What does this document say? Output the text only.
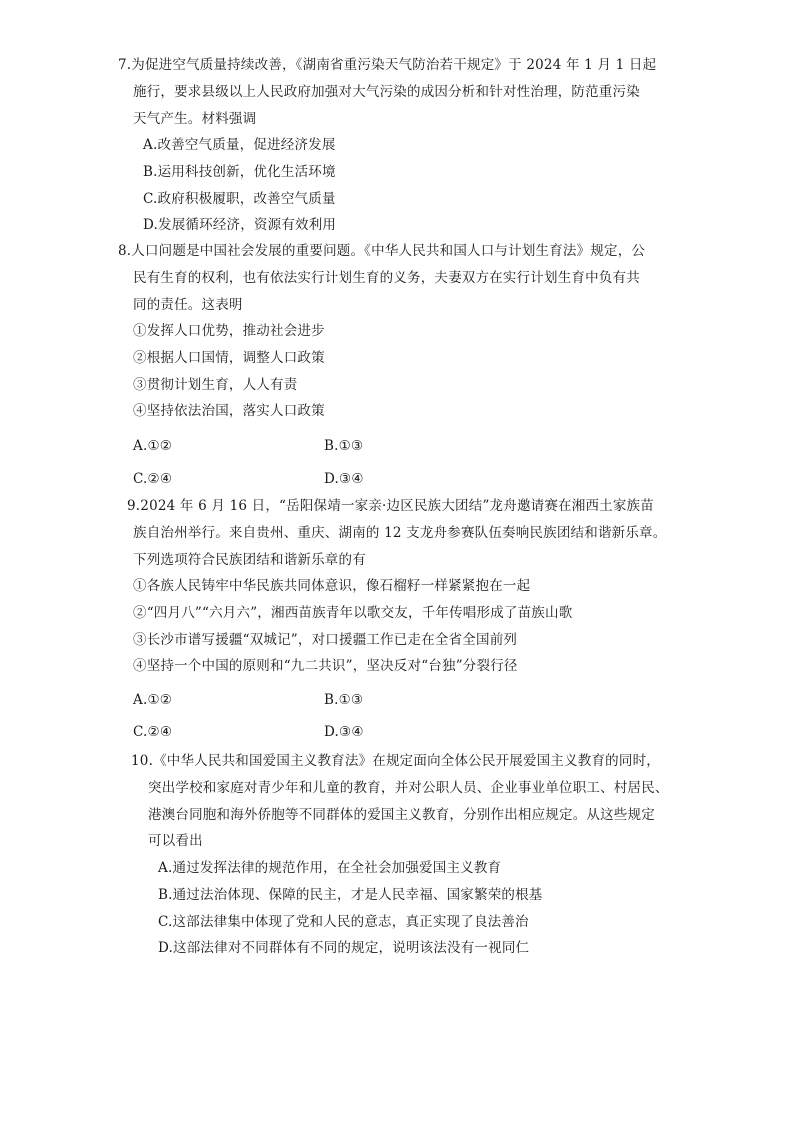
7.为促进空气质量持续改善，《湖南省重污染天气防治若干规定》于 2024 年 1 月 1 日起
施行，要求县级以上人民政府加强对大气污染的成因分析和针对性治理，防范重污染
天气产生。材料强调
A.改善空气质量，促进经济发展
B.运用科技创新，优化生活环境
C.政府积极履职，改善空气质量
D.发展循环经济，资源有效利用
8.人口问题是中国社会发展的重要问题。《中华人民共和国人口与计划生育法》规定，公
民有生育的权利，也有依法实行计划生育的义务，夫妻双方在实行计划生育中负有共
同的责任。这表明
①发挥人口优势，推动社会进步
②根据人口国情，调整人口政策
③贯彻计划生育，人人有责
④坚持依法治国，落实人口政策
A.①②	B.①③
C.②④	D.③④
9.2024 年 6 月 16 日，“岳阳保靖一家亲·边区民族大团结”龙舟邀请赛在湘西土家族苗
族自治州举行。来自贵州、重庆、湖南的 12 支龙舟参赛队伍奏响民族团结和谐新乐章。
下列选项符合民族团结和谐新乐章的有
①各族人民铸牢中华民族共同体意识，像石榴籽一样紧紧抱在一起
②“四月八”“六月六”，湘西苗族青年以歌交友，千年传唱形成了苗族山歌
③长沙市谱写援疆“双城记”，对口援疆工作已走在全省全国前列
④坚持一个中国的原则和“九二共识”，坚决反对“台独”分裂行径
A.①②	B.①③
C.②④	D.③④
10.《中华人民共和国爱国主义教育法》在规定面向全体公民开展爱国主义教育的同时，
突出学校和家庭对青少年和儿童的教育，并对公职人员、企业事业单位职工、村居民、
港澳台同胞和海外侨胞等不同群体的爱国主义教育，分别作出相应规定。从这些规定
可以看出
A.通过发挥法律的规范作用，在全社会加强爱国主义教育
B.通过法治体现、保障的民主，才是人民幸福、国家繁荣的根基
C.这部法律集中体现了党和人民的意志，真正实现了良法善治
D.这部法律对不同群体有不同的规定，说明该法没有一视同仁
